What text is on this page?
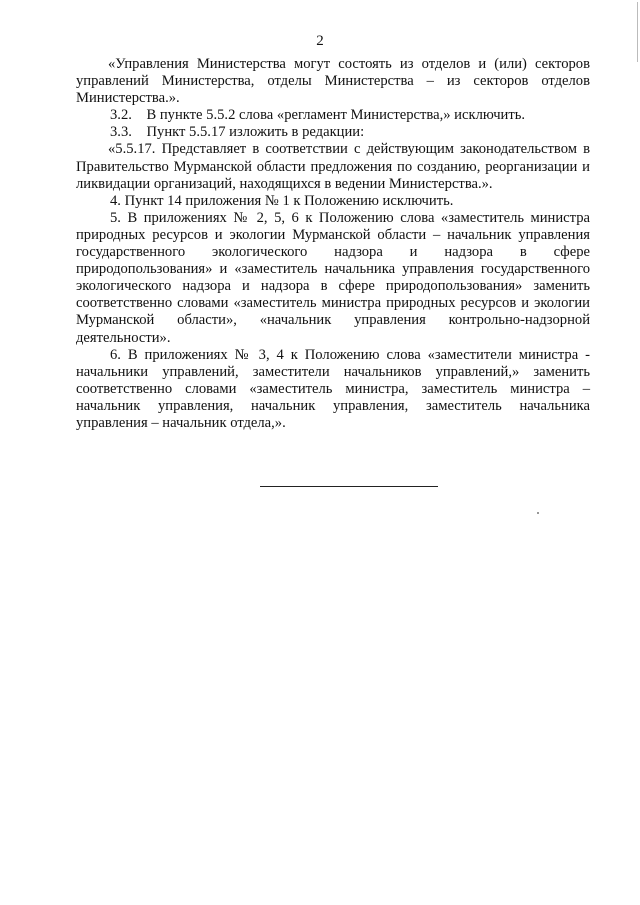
2

«Управления Министерства могут состоять из отделов и (или) секторов управлений Министерства, отделы Министерства – из секторов отделов Министерства.».

3.2.    В пункте 5.5.2 слова «регламент Министерства,» исключить.

3.3.    Пункт 5.5.17 изложить в редакции:

«5.5.17. Представляет в соответствии с действующим законодательством в Правительство Мурманской области предложения по созданию, реорганизации и ликвидации организаций, находящихся в ведении Министерства.».

4. Пункт 14 приложения № 1 к Положению исключить.

5. В приложениях № 2, 5, 6 к Положению слова «заместитель министра природных ресурсов и экологии Мурманской области – начальник управления государственного экологического надзора и надзора в сфере природопользования» и «заместитель начальника управления государственного экологического надзора и надзора в сфере природопользования» заменить соответственно словами «заместитель министра природных ресурсов и экологии Мурманской области», «начальник управления контрольно-надзорной деятельности».

6. В приложениях № 3, 4 к Положению слова «заместители министра - начальники управлений, заместители начальников управлений,» заменить соответственно словами «заместитель министра, заместитель министра – начальник управления, начальник управления, заместитель начальника управления – начальник отдела,».
